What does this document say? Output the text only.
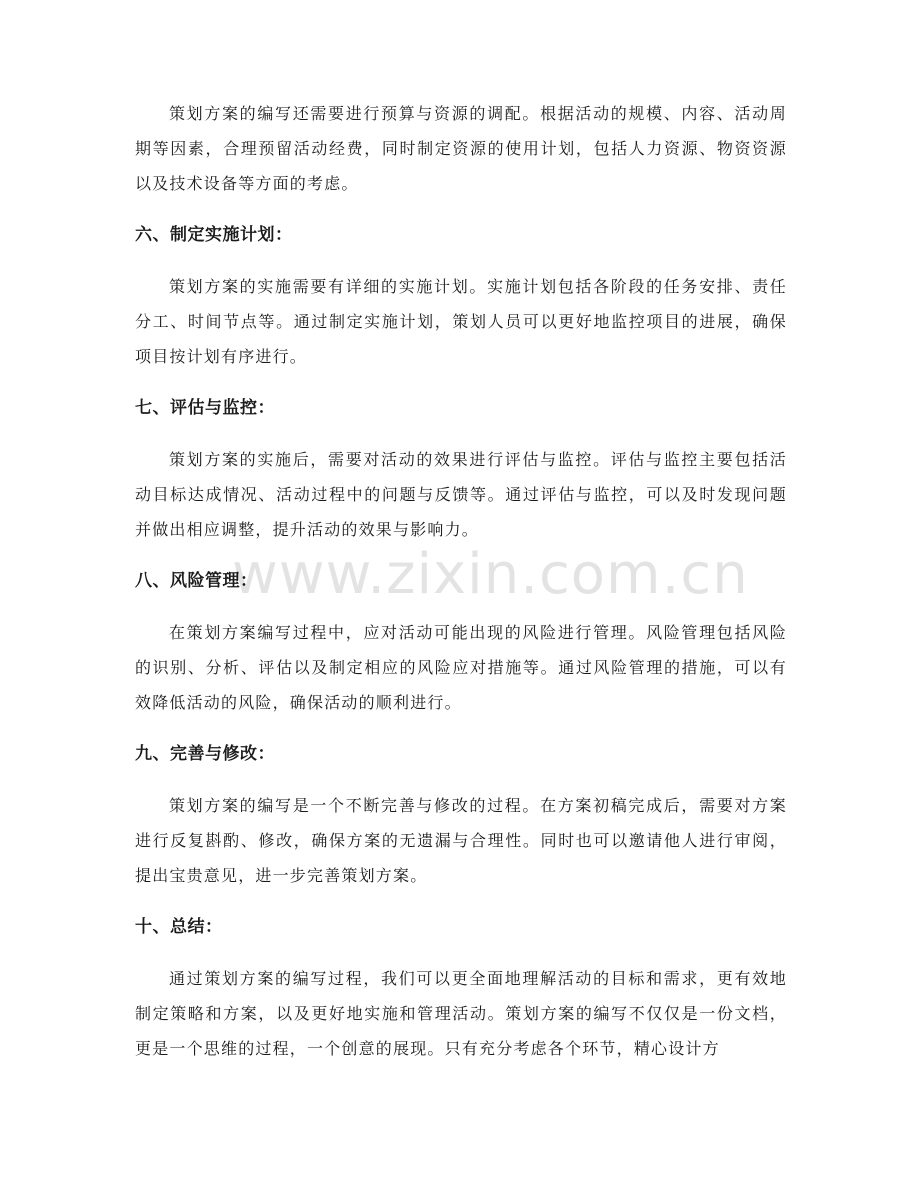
策划方案的编写还需要进行预算与资源的调配。根据活动的规模、内容、活动周期等因素，合理预留活动经费，同时制定资源的使用计划，包括人力资源、物资资源以及技术设备等方面的考虑。

六、制定实施计划：

策划方案的实施需要有详细的实施计划。实施计划包括各阶段的任务安排、责任分工、时间节点等。通过制定实施计划，策划人员可以更好地监控项目的进展，确保项目按计划有序进行。

七、评估与监控：

策划方案的实施后，需要对活动的效果进行评估与监控。评估与监控主要包括活动目标达成情况、活动过程中的问题与反馈等。通过评估与监控，可以及时发现问题并做出相应调整，提升活动的效果与影响力。

八、风险管理：

在策划方案编写过程中，应对活动可能出现的风险进行管理。风险管理包括风险的识别、分析、评估以及制定相应的风险应对措施等。通过风险管理的措施，可以有效降低活动的风险，确保活动的顺利进行。

九、完善与修改：

策划方案的编写是一个不断完善与修改的过程。在方案初稿完成后，需要对方案进行反复斟酌、修改，确保方案的无遗漏与合理性。同时也可以邀请他人进行审阅，提出宝贵意见，进一步完善策划方案。

十、总结：

通过策划方案的编写过程，我们可以更全面地理解活动的目标和需求，更有效地制定策略和方案，以及更好地实施和管理活动。策划方案的编写不仅仅是一份文档，更是一个思维的过程，一个创意的展现。只有充分考虑各个环节，精心设计方

www.zixin.com.cn
